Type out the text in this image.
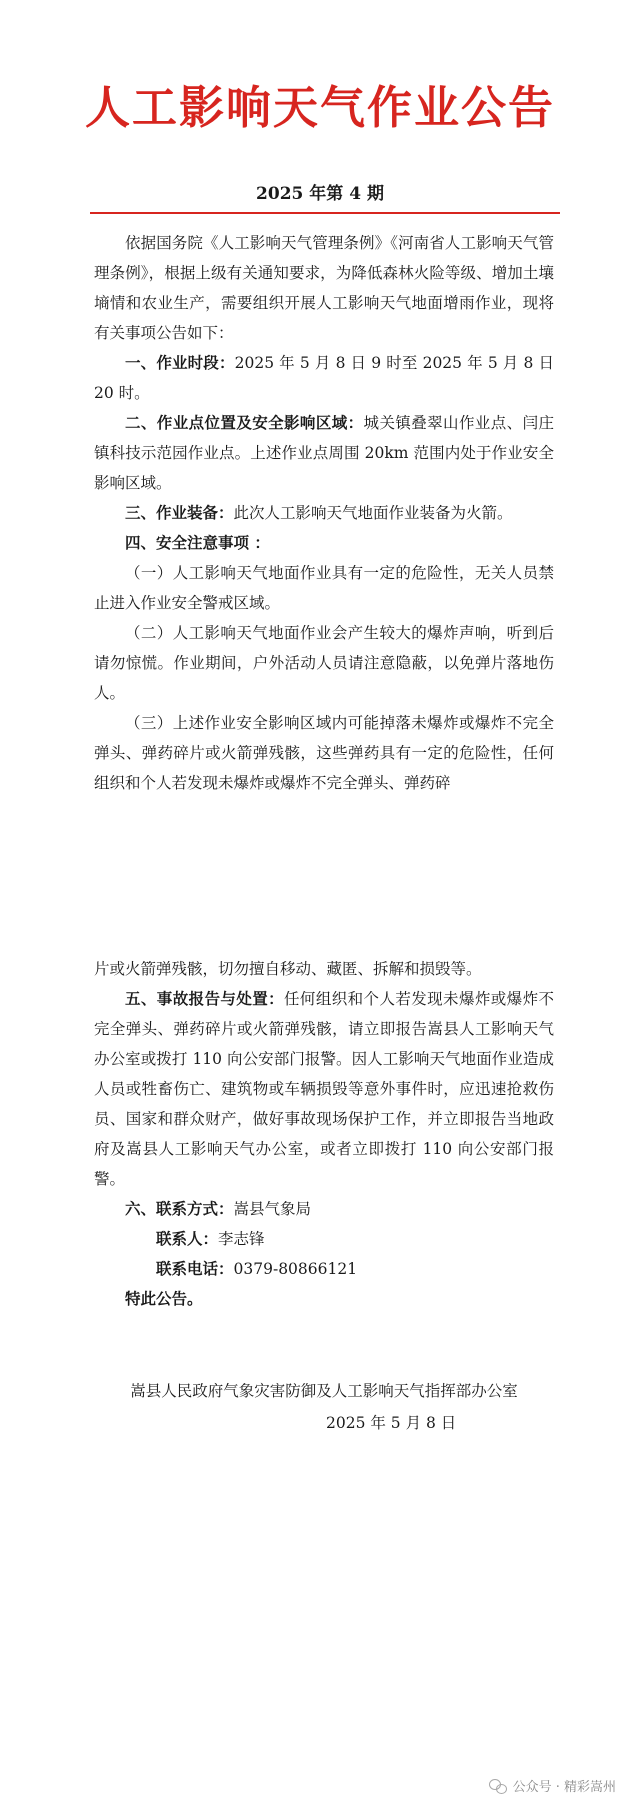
人工影响天气作业公告
2025 年第 4 期

依据国务院《人工影响天气管理条例》《河南省人工影响天气管理条例》，根据上级有关通知要求，为降低森林火险等级、增加土壤墒情和农业生产，需要组织开展人工影响天气地面增雨作业，现将有关事项公告如下：

一、作业时段：2025 年 5 月 8 日 9 时至 2025 年 5 月 8 日 20 时。

二、作业点位置及安全影响区域：城关镇叠翠山作业点、闫庄镇科技示范园作业点。上述作业点周围 20km 范围内处于作业安全影响区域。

三、作业装备：此次人工影响天气地面作业装备为火箭。

四、安全注意事项 ：

（一）人工影响天气地面作业具有一定的危险性，无关人员禁止进入作业安全警戒区域。

（二）人工影响天气地面作业会产生较大的爆炸声响，听到后请勿惊慌。作业期间，户外活动人员请注意隐蔽，以免弹片落地伤人。

（三）上述作业安全影响区域内可能掉落未爆炸或爆炸不完全弹头、弹药碎片或火箭弹残骸，这些弹药具有一定的危险性，任何组织和个人若发现未爆炸或爆炸不完全弹头、弹药碎

片或火箭弹残骸，切勿擅自移动、藏匿、拆解和损毁等。

五、事故报告与处置：任何组织和个人若发现未爆炸或爆炸不完全弹头、弹药碎片或火箭弹残骸，请立即报告嵩县人工影响天气办公室或拨打 110 向公安部门报警。因人工影响天气地面作业造成人员或牲畜伤亡、建筑物或车辆损毁等意外事件时，应迅速抢救伤员、国家和群众财产，做好事故现场保护工作，并立即报告当地政府及嵩县人工影响天气办公室，或者立即拨打 110 向公安部门报警。

六、联系方式：嵩县气象局

联系人：李志锋

联系电话：0379-80866121

特此公告。

嵩县人民政府气象灾害防御及人工影响天气指挥部办公室
2025 年 5 月 8 日
公众号 · 精彩嵩州
